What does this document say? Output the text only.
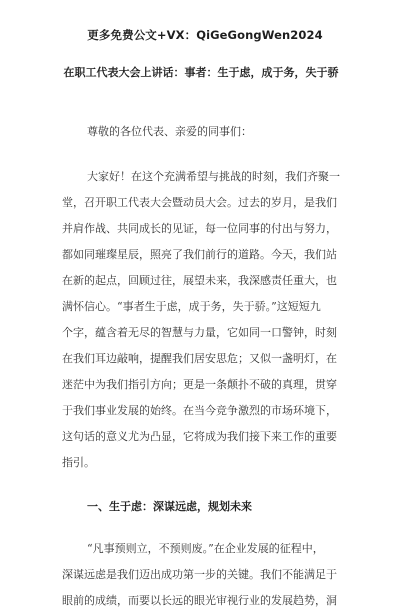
更多免费公文+VX：QiGeGongWen2024
在职工代表大会上讲话：事者：生于虑，成于务，失于骄
尊敬的各位代表、亲爱的同事们：

大家好！在这个充满希望与挑战的时刻，我们齐聚一
堂，召开职工代表大会暨动员大会。过去的岁月，是我们
并肩作战、共同成长的见证，每一位同事的付出与努力，
都如同璀璨星辰，照亮了我们前行的道路。今天，我们站
在新的起点，回顾过往，展望未来，我深感责任重大，也
满怀信心。“事者生于虑，成于务，失于骄。”这短短九
个字，蕴含着无尽的智慧与力量，它如同一口警钟，时刻
在我们耳边敲响，提醒我们居安思危；又似一盏明灯，在
迷茫中为我们指引方向；更是一条颠扑不破的真理，贯穿
于我们事业发展的始终。在当今竞争激烈的市场环境下，
这句话的意义尤为凸显，它将成为我们接下来工作的重要
指引。

一、生于虑：深谋远虑，规划未来

“凡事预则立，不预则废。”在企业发展的征程中，
深谋远虑是我们迈出成功第一步的关键。我们不能满足于
眼前的成绩，而要以长远的眼光审视行业的发展趋势，洞
